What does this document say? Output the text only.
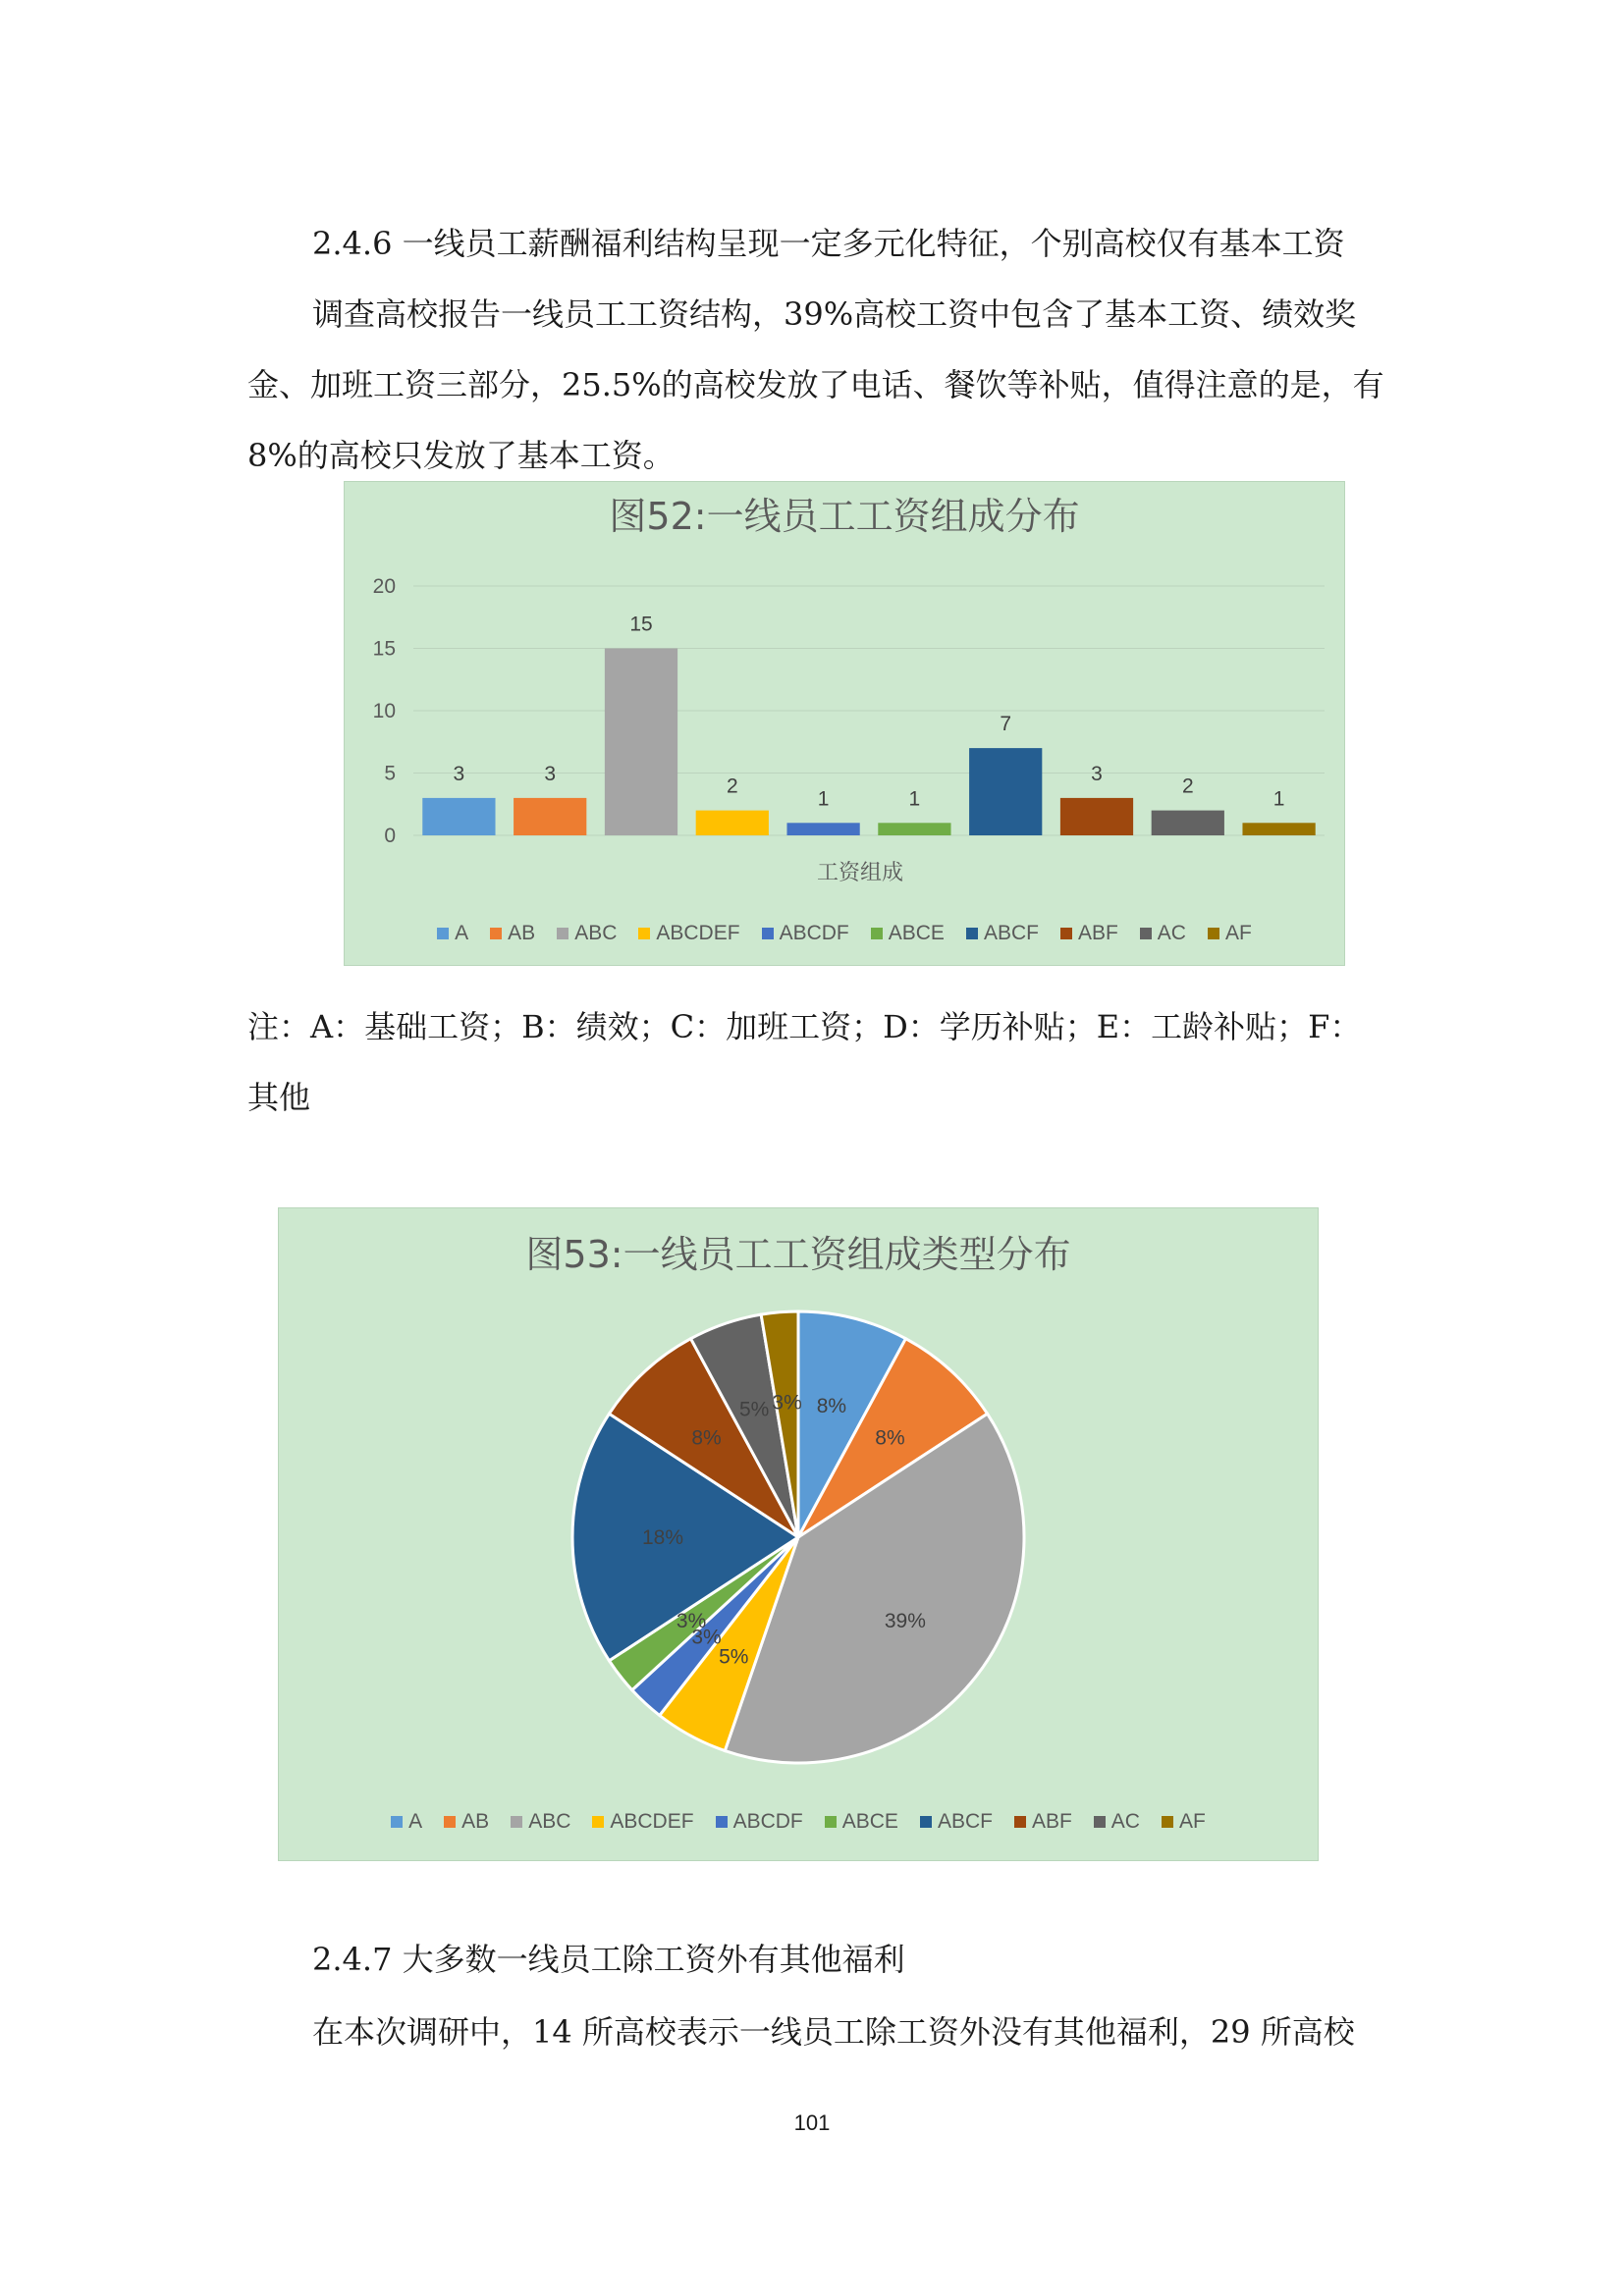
2.4.6 一线员工薪酬福利结构呈现一定多元化特征，个别高校仅有基本工资

调查高校报告一线员工工资结构，39%高校工资中包含了基本工资、绩效奖金、加班工资三部分，25.5%的高校发放了电话、餐饮等补贴，值得注意的是，有 8%的高校只发放了基本工资。

图52:一线员工工资组成分布
0
5
10
15
20
3	3
15
2
1	1
7
3
2
1
工资组成
A AB ABC ABCDEF ABCDF ABCE ABCF ABF AC AF

注：A：基础工资；B：绩效；C：加班工资；D：学历补贴；E：工龄补贴；F：其他

图53:一线员工工资组成类型分布
8%
8%
39%
5%
3%
3%
18%
8%
5% 3%
A AB ABC ABCDEF ABCDF ABCE ABCF ABF AC AF

2.4.7 大多数一线员工除工资外有其他福利

在本次调研中，14 所高校表示一线员工除工资外没有其他福利，29 所高校

101
